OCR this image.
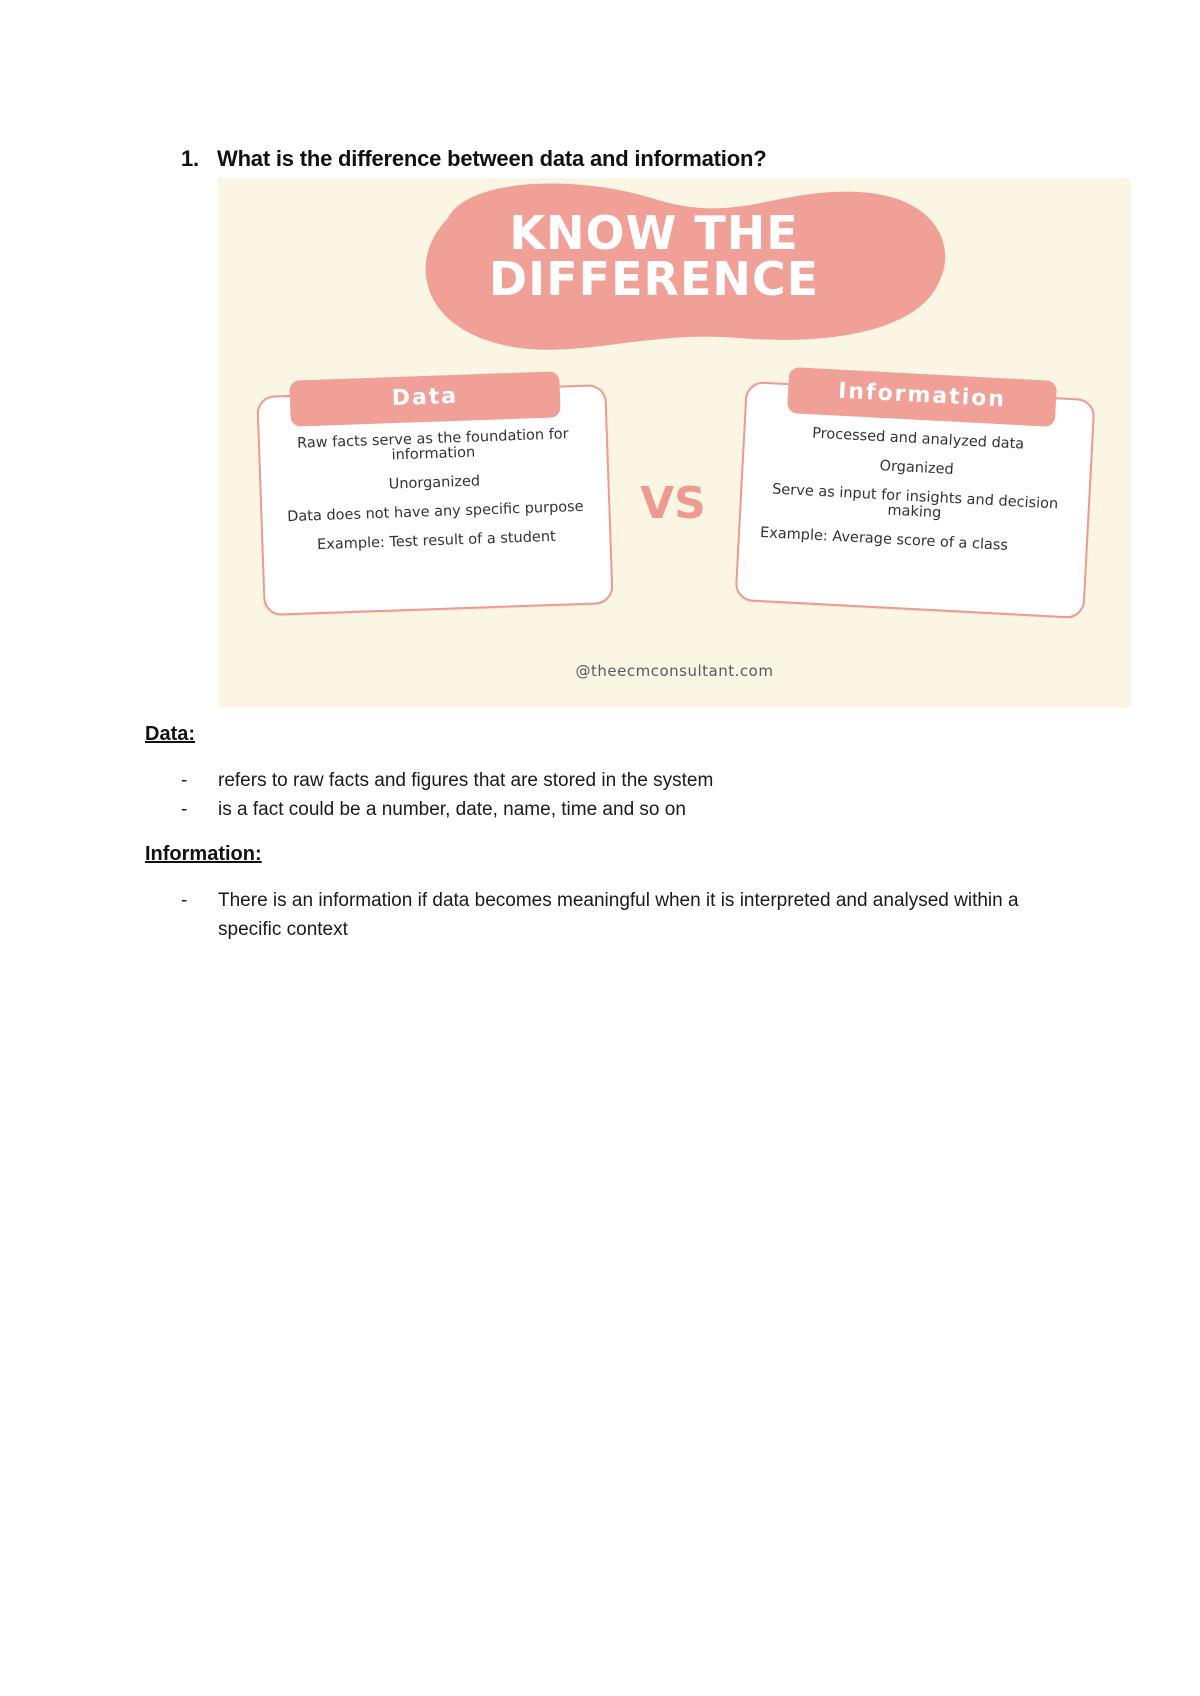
1. What is the difference between data and information?
KNOW THE
DIFFERENCE
Raw facts serve as the foundation for information
Unorganized
Data does not have any specific purpose
Example: Test result of a student
Data
VS
Processed and analyzed data
Organized
Serve as input for insights and decision making
Example: Average score of a class
Information
@theecmconsultant.com
Data:
- refers to raw facts and figures that are stored in the system
- is a fact could be a number, date, name, time and so on
Information:
- There is an information if data becomes meaningful when it is interpreted and analysed within a specific context
